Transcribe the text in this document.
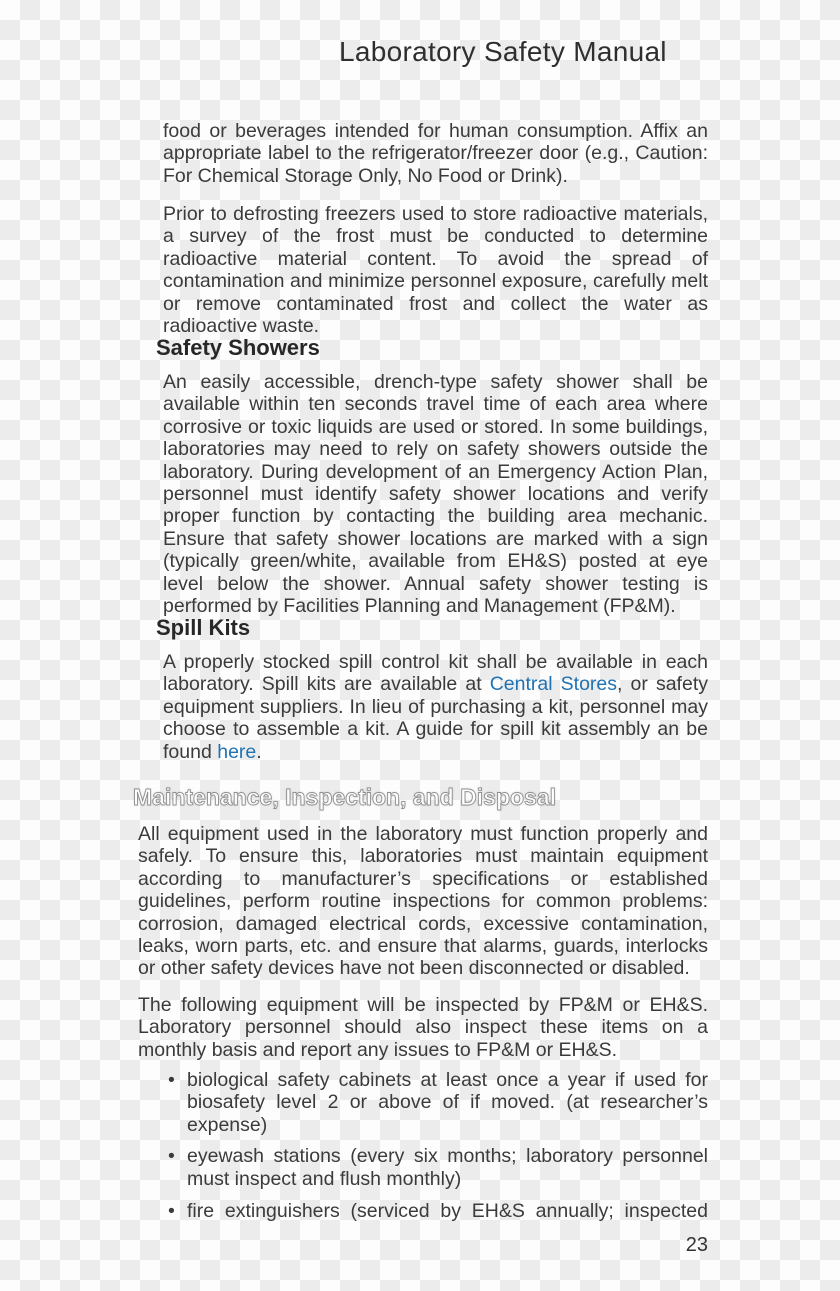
Laboratory Safety Manual

food or beverages intended for human consumption. Affix an appropriate label to the refrigerator/freezer door (e.g., Caution: For Chemical Storage Only, No Food or Drink).

Prior to defrosting freezers used to store radioactive materials, a survey of the frost must be conducted to determine radioactive material content. To avoid the spread of contamination and minimize personnel exposure, carefully melt or remove contaminated frost and collect the water as radioactive waste.

Safety Showers

An easily accessible, drench-type safety shower shall be available within ten seconds travel time of each area where corrosive or toxic liquids are used or stored. In some buildings, laboratories may need to rely on safety showers outside the laboratory. During development of an Emergency Action Plan, personnel must identify safety shower locations and verify proper function by contacting the building area mechanic. Ensure that safety shower locations are marked with a sign (typically green/white, available from EH&S) posted at eye level below the shower. Annual safety shower testing is performed by Facilities Planning and Management (FP&M).

Spill Kits

A properly stocked spill control kit shall be available in each laboratory. Spill kits are available at Central Stores, or safety equipment suppliers. In lieu of purchasing a kit, personnel may choose to assemble a kit. A guide for spill kit assembly an be found here.

Maintenance, Inspection, and Disposal

All equipment used in the laboratory must function properly and safely. To ensure this, laboratories must maintain equipment according to manufacturer’s specifications or established guidelines, perform routine inspections for common problems: corrosion, damaged electrical cords, excessive contamination, leaks, worn parts, etc. and ensure that alarms, guards, interlocks or other safety devices have not been disconnected or disabled.

The following equipment will be inspected by FP&M or EH&S. Laboratory personnel should also inspect these items on a monthly basis and report any issues to FP&M or EH&S.

• biological safety cabinets at least once a year if used for biosafety level 2 or above of if moved. (at researcher’s expense)
• eyewash stations (every six months; laboratory personnel must inspect and flush monthly)
• fire extinguishers (serviced by EH&S annually; inspected
23
